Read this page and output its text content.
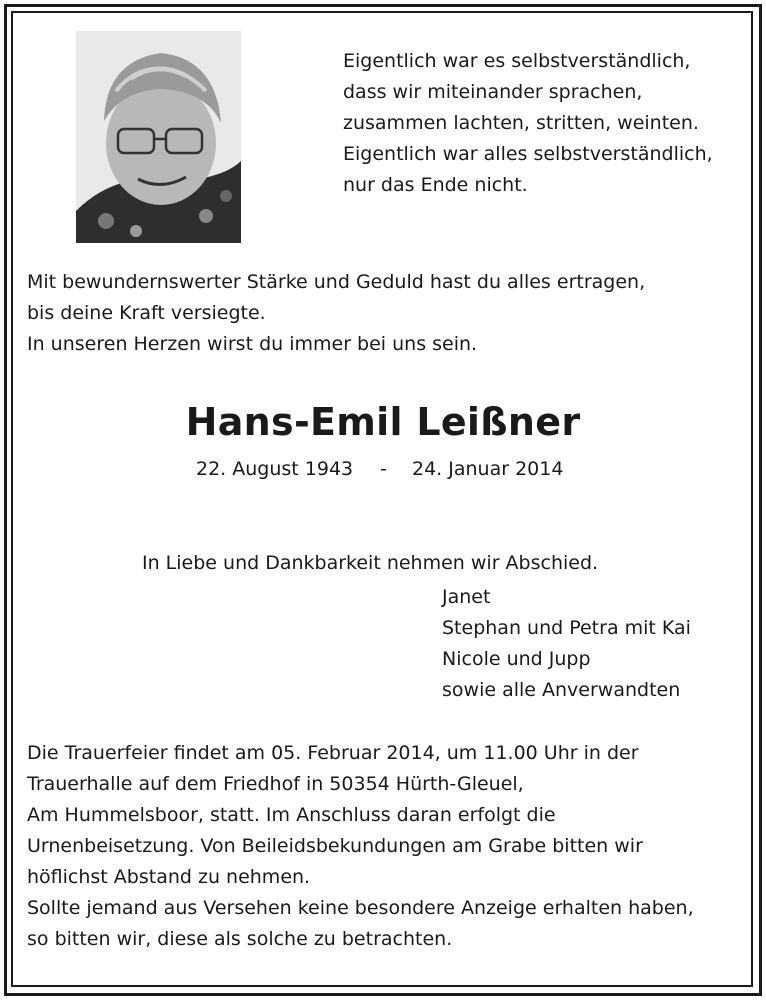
Eigentlich war es selbstverständlich,
dass wir miteinander sprachen,
zusammen lachten, stritten, weinten.
Eigentlich war alles selbstverständlich,
nur das Ende nicht.
Mit bewundernswerter Stärke und Geduld hast du alles ertragen,
bis deine Kraft versiegte.
In unseren Herzen wirst du immer bei uns sein.
Hans-Emil Leißner
22. August 1943 - 24. Januar 2014
In Liebe und Dankbarkeit nehmen wir Abschied.
Janet
Stephan und Petra mit Kai
Nicole und Jupp
sowie alle Anverwandten
Die Trauerfeier findet am 05. Februar 2014, um 11.00 Uhr in der
Trauerhalle auf dem Friedhof in 50354 Hürth-Gleuel,
Am Hummelsboor, statt. Im Anschluss daran erfolgt die
Urnenbeisetzung. Von Beileidsbekundungen am Grabe bitten wir
höflichst Abstand zu nehmen.
Sollte jemand aus Versehen keine besondere Anzeige erhalten haben,
so bitten wir, diese als solche zu betrachten.
